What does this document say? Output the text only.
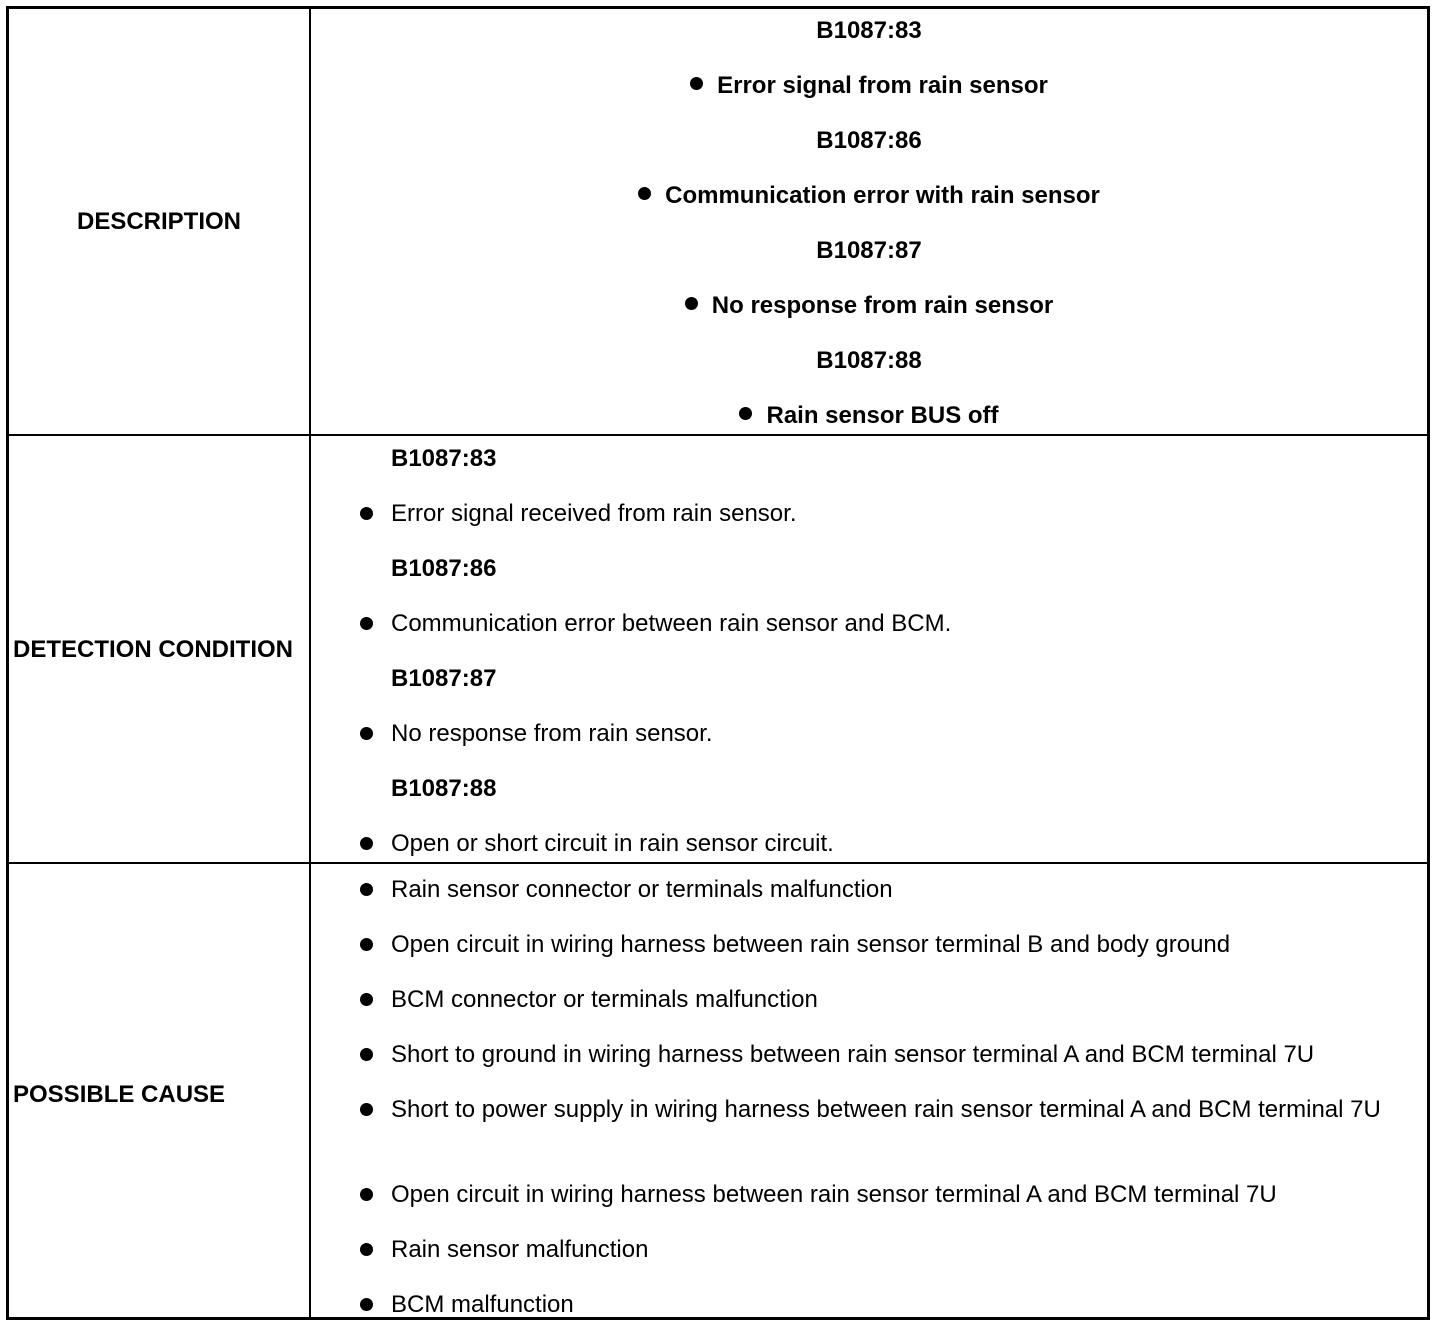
DESCRIPTION
B1087:83
Error signal from rain sensor
B1087:86
Communication error with rain sensor
B1087:87
No response from rain sensor
B1087:88
Rain sensor BUS off
DETECTION CONDITION
B1087:83
Error signal received from rain sensor.
B1087:86
Communication error between rain sensor and BCM.
B1087:87
No response from rain sensor.
B1087:88
Open or short circuit in rain sensor circuit.
POSSIBLE CAUSE
Rain sensor connector or terminals malfunction
Open circuit in wiring harness between rain sensor terminal B and body ground
BCM connector or terminals malfunction
Short to ground in wiring harness between rain sensor terminal A and BCM terminal 7U
Short to power supply in wiring harness between rain sensor terminal A and BCM terminal 7U
Open circuit in wiring harness between rain sensor terminal A and BCM terminal 7U
Rain sensor malfunction
BCM malfunction
